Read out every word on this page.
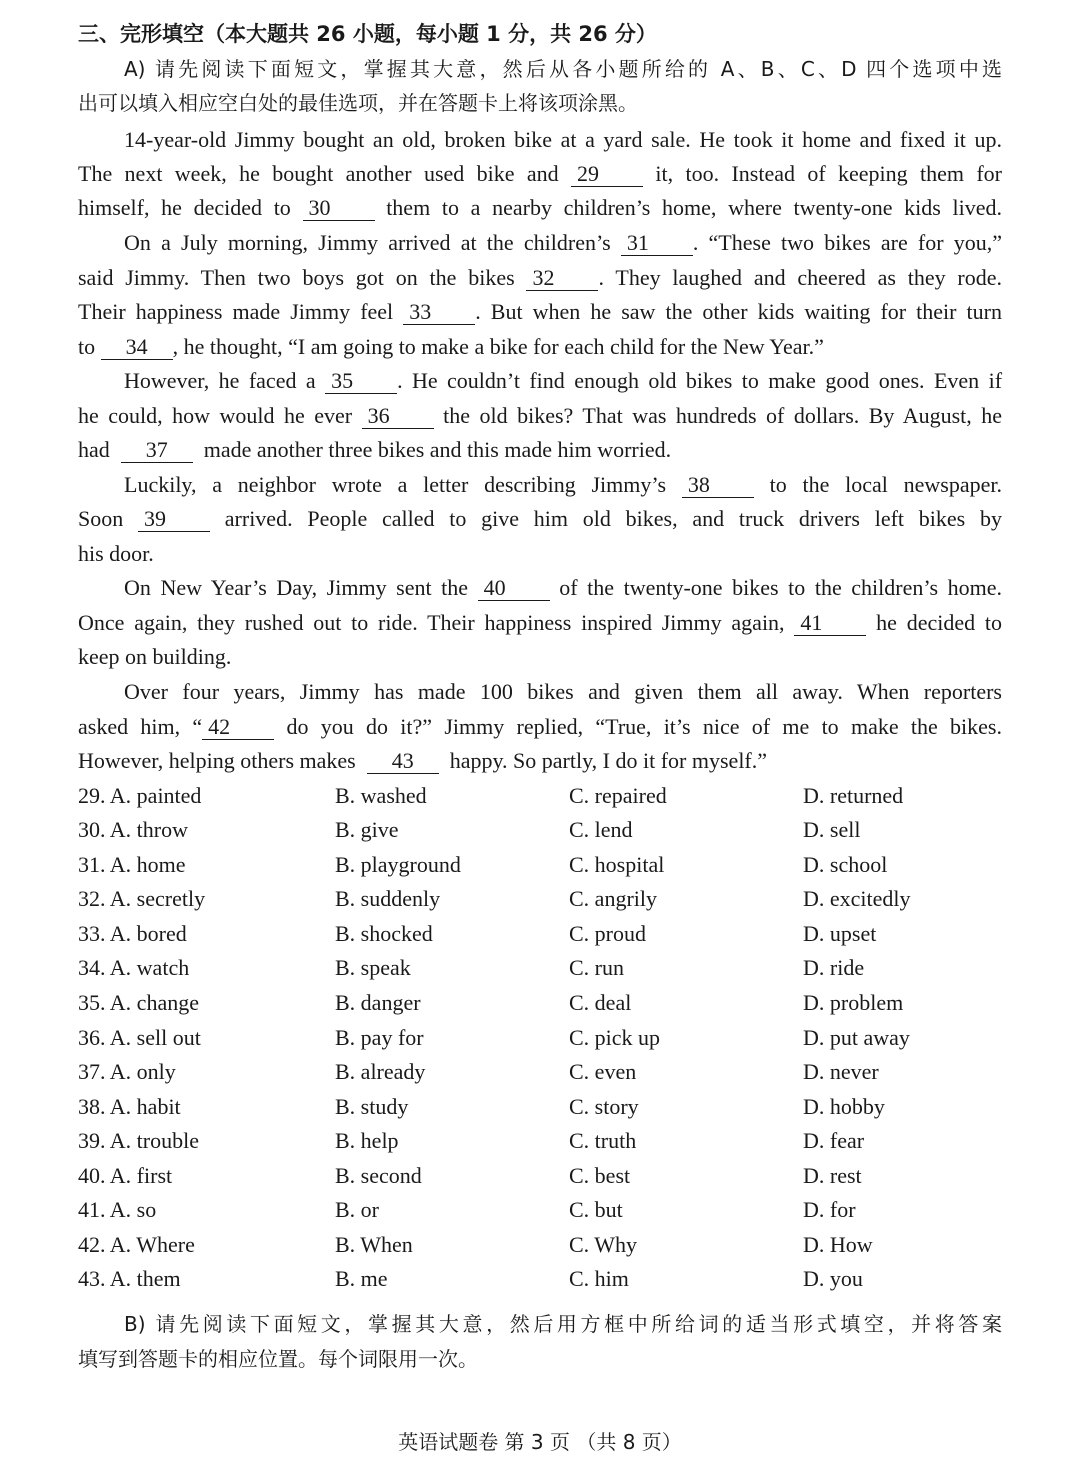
三、完形填空（本大题共 26 小题，每小题 1 分，共 26 分）
A) 请先阅读下面短文，掌握其大意，然后从各小题所给的 A、B、C、D 四个选项中选
出可以填入相应空白处的最佳选项，并在答题卡上将该项涂黑。
14-year-old Jimmy bought an old, broken bike at a yard sale. He took it home and fixed it up.
The next week, he bought another used bike and 29	it, too. Instead of keeping them for
himself, he decided to 30	them to a nearby children’s home, where twenty-one kids lived.
On a July morning, Jimmy arrived at the children’s 31 . “These two bikes are for you,”
said Jimmy. Then two boys got on the bikes 32 . They laughed and cheered as they rode.
Their happiness made Jimmy feel 33 . But when he saw the other kids waiting for their turn
to 34 , he thought, “I am going to make a bike for each child for the New Year.”
However, he faced a 35 . He couldn’t find enough old bikes to make good ones. Even if
he could, how would he ever 36 the old bikes? That was hundreds of dollars. By August, he
had 37 made another three bikes and this made him worried.
Luckily, a neighbor wrote a letter describing Jimmy’s 38	to the local newspaper.
Soon 39	arrived. People called to give him old bikes, and truck drivers left bikes by
his door.
On New Year’s Day, Jimmy sent the 40 of the twenty-one bikes to the children’s home.
Once again, they rushed out to ride. Their happiness inspired Jimmy again, 41 he decided to
keep on building.
Over four years, Jimmy has made 100 bikes and given them all away. When reporters
asked him, “ 42	do you do it?” Jimmy replied, “True, it’s nice of me to make the bikes.
However, helping others makes 43 happy. So partly, I do it for myself.”
29. A. painted	B. washed	C. repaired	D. returned
30. A. throw	B. give	C. lend	D. sell
31. A. home	B. playground	C. hospital	D. school
32. A. secretly	B. suddenly	C. angrily	D. excitedly
33. A. bored	B. shocked	C. proud	D. upset
34. A. watch	B. speak	C. run	D. ride
35. A. change	B. danger	C. deal	D. problem
36. A. sell out	B. pay for	C. pick up	D. put away
37. A. only	B. already	C. even	D. never
38. A. habit	B. study	C. story	D. hobby
39. A. trouble	B. help	C. truth	D. fear
40. A. first	B. second	C. best	D. rest
41. A. so	B. or	C. but	D. for
42. A. Where	B. When	C. Why	D. How
43. A. them	B. me	C. him	D. you
B) 请先阅读下面短文，掌握其大意，然后用方框中所给词的适当形式填空，并将答案
填写到答题卡的相应位置。每个词限用一次。
英语试题卷 第 3 页 （共 8 页）
